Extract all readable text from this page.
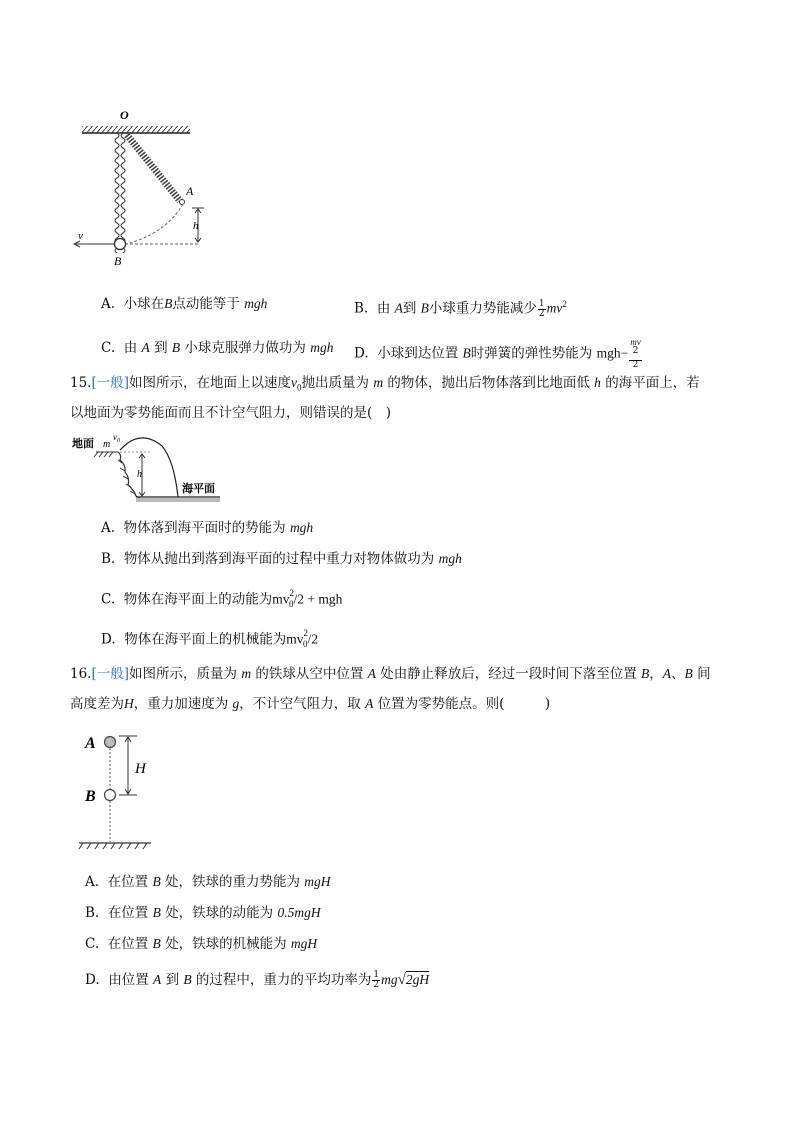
O
A
h
v
B
A. 小球在B点动能等于 mgh	B. 由 A到 B小球重力势能减少 $\frac{1}{2} mv^2$
C. 由 A 到 B 小球克服弹力做功为 mgh D. 小球到达位置 B时弹簧的弹性势能为 mgh− mv
$^2$
2
15.[一般]如图所示，在地面上以速度$v_0$抛出质量为 m 的物体，抛出后物体落到比地面低 h 的海平面上，若
以地面为零势能面而且不计空气阻力，则错误的是(　)
地面 m
$v_0$
h
海平面
A. 物体落到海平面时的势能为 mgh
B. 物体从抛出到落到海平面的过程中重力对物体做功为 mgh
C. 物体在海平面上的动能为$mv^2_0/2$ + mgh
D. 物体在海平面上的机械能为$mv^2_0/2$
16.[一般]如图所示，质量为 m 的铁球从空中位置 A 处由静止释放后，经过一段时间下落至位置 B，A、B 间
高度差为H，重力加速度为 g，不计空气阻力，取 A 位置为零势能点。则(　　　)
A
B
H
A. 在位置 B 处，铁球的重力势能为 mgH
B. 在位置 B 处，铁球的动能为 0.5mgH
C. 在位置 B 处，铁球的机械能为 mgH
D. 由位置 A 到 B 的过程中，重力的平均功率为 $\frac{1}{2} mg√2gH$
